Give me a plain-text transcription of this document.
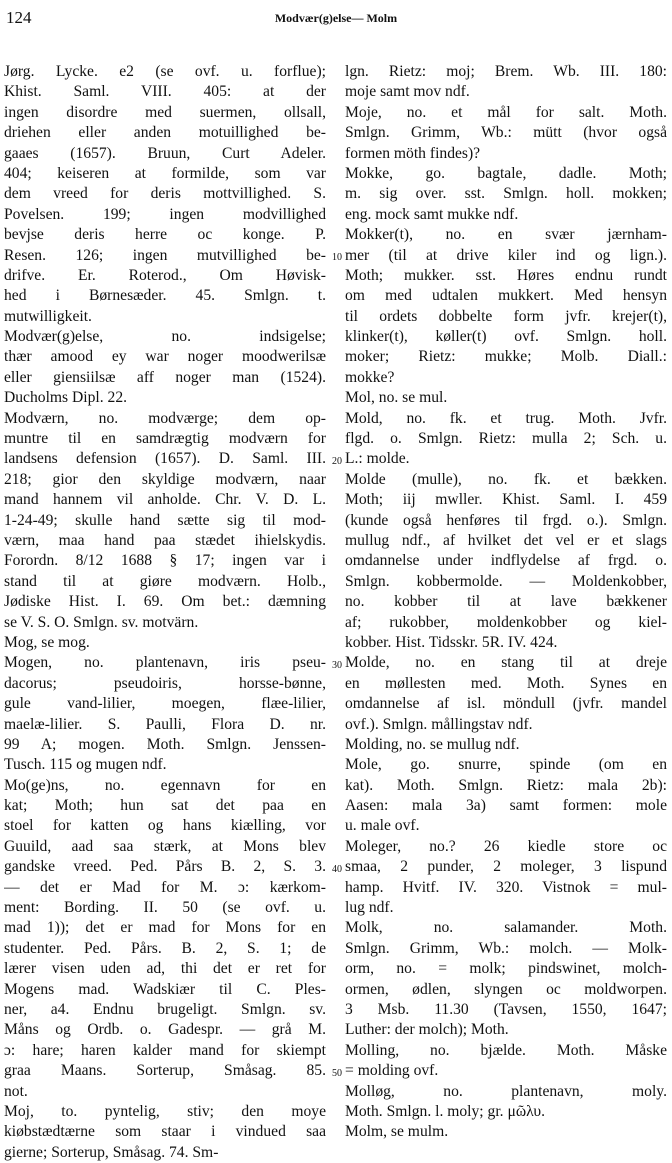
124	Modvær(g)else— Molm
Jørg. Lycke. e2 (se ovf. u. forflue);
Khist. Saml. VIII. 405: at der
ingen disordre med suermen, ollsall,
driehen eller anden motuillighed be-
gaaes (1657). Bruun, Curt Adeler.
404; keiseren at formilde, som var
dem vreed for deris mottvillighed. S.
Povelsen. 199; ingen modvillighed
bevjse deris herre oc konge. P.
Resen. 126; ingen mutvillighed be-
drifve. Er. Roterod., Om Høvisk-
hed i Børnesæder. 45. Smlgn. t.
mutwilligkeit.
Modvær(g)else, no. indsigelse;
thær amood ey war noger moodwerilsæ
eller giensiilsæ aff noger man (1524).
Ducholms Dipl. 22.
Modværn, no. modværge; dem op-
muntre til en samdrægtig modværn for
landsens defension (1657). D. Saml. III.
218; gior den skyldige modværn, naar
mand hannem vil anholde. Chr. V. D. L.
1-24-49; skulle hand sætte sig til mod-
værn, maa hand paa stædet ihielskydis.
Forordn. 8/12 1688 § 17; ingen var i
stand til at giøre modværn. Holb.,
Jødiske Hist. I. 69. Om bet.: dæmning
se V. S. O. Smlgn. sv. motvärn.
Mog, se mog.
Mogen, no. plantenavn, iris pseu-
dacorus; pseudoiris, horsse-bønne,
gule vand-lilier, moegen, flæe-lilier,
maelæ-lilier. S. Paulli, Flora D. nr.
99 A; mogen. Moth. Smlgn. Jenssen-
Tusch. 115 og mugen ndf.
Mo(ge)ns, no. egennavn for en
kat; Moth; hun sat det paa en
stoel for katten og hans kiælling, vor
Guuild, aad saa stærk, at Mons blev
gandske vreed. Ped. Pårs B. 2, S. 3.
— det er Mad for M. ɔ: kærkom-
ment: Bording. II. 50 (se ovf. u.
mad 1)); det er mad for Mons for en
studenter. Ped. Pårs. B. 2, S. 1; de
lærer visen uden ad, thi det er ret for
Mogens mad. Wadskiær til C. Ples-
ner, a4. Endnu brugeligt. Smlgn. sv.
Måns og Ordb. o. Gadespr. — grå M.
ɔ: hare; haren kalder mand for skiempt
graa Maans. Sorterup, Småsag. 85.
not.
Moj, to. pyntelig, stiv; den moye
kiøbstædtærne som staar i vindued saa
gierne; Sorterup, Småsag. 74. Sm-
lgn. Rietz: moj; Brem. Wb. III. 180:
moje samt mov ndf.
Moje, no. et mål for salt. Moth.
Smlgn. Grimm, Wb.: mütt (hvor også
formen möth findes)?
Mokke, go. bagtale, dadle. Moth;
m. sig over. sst. Smlgn. holl. mokken;
eng. mock samt mukke ndf.
Mokker(t), no. en svær jærnham-
mer (til at drive kiler ind og lign.).
Moth; mukker. sst. Høres endnu rundt
om med udtalen mukkert. Med hensyn
til ordets dobbelte form jvfr. krejer(t),
klinker(t), køller(t) ovf. Smlgn. holl.
moker; Rietz: mukke; Molb. Diall.:
mokke?
Mol, no. se mul.
Mold, no. fk. et trug. Moth. Jvfr.
flgd. o. Smlgn. Rietz: mulla 2; Sch. u.
L.: molde.
Molde (mulle), no. fk. et bækken.
Moth; iij mwller. Khist. Saml. I. 459
(kunde også henføres til frgd. o.). Smlgn.
mullug ndf., af hvilket det vel er et slags
omdannelse under indflydelse af frgd. o.
Smlgn. kobbermolde. — Moldenkobber,
no. kobber til at lave bækkener
af; rukobber, moldenkobber og kiel-
kobber. Hist. Tidsskr. 5R. IV. 424.
Molde, no. en stang til at dreje
en møllesten med. Moth. Synes en
omdannelse af isl. möndull (jvfr. mandel
ovf.). Smlgn. mållingstav ndf.
Molding, no. se mullug ndf.
Mole, go. snurre, spinde (om en
kat). Moth. Smlgn. Rietz: mala 2b):
Aasen: mala 3a) samt formen: mole
u. male ovf.
Moleger, no.? 26 kiedle store oc
smaa, 2 punder, 2 moleger, 3 lispund
hamp. Hvitf. IV. 320. Vistnok = mul-
lug ndf.
Molk, no. salamander. Moth.
Smlgn. Grimm, Wb.: molch. — Molk-
orm, no. = molk; pindswinet, molch-
ormen, ødlen, slyngen oc moldworpen.
3 Msb. 11.30 (Tavsen, 1550, 1647;
Luther: der molch); Moth.
Molling, no. bjælde. Moth. Måske
= molding ovf.
Molløg, no. plantenavn, moly.
Moth. Smlgn. l. moly; gr. μῶλυ.
Molm, se mulm.
10
20
30
40
50
